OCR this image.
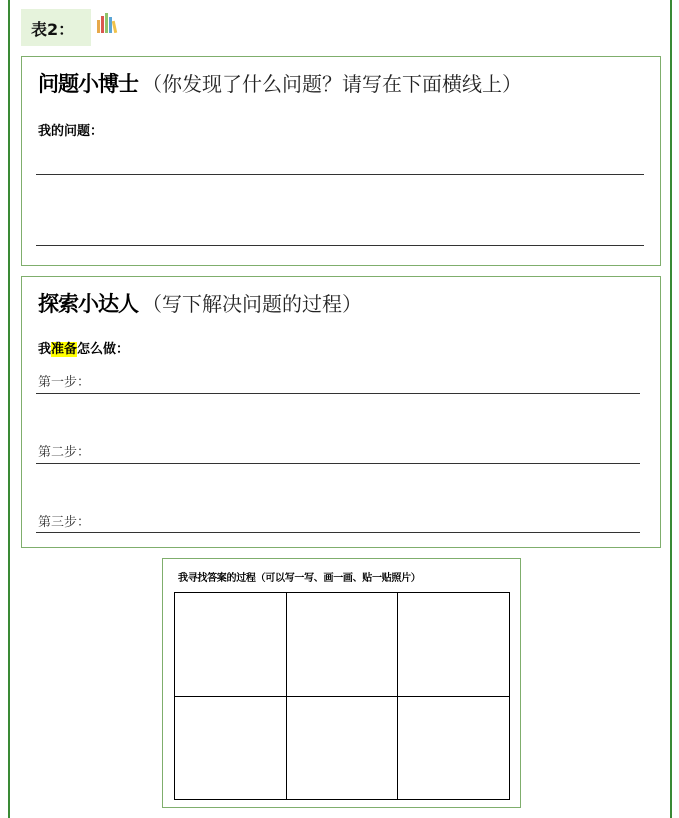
表2：
问题小博士 （你发现了什么问题？请写在下面横线上）
我的问题：
探索小达人 （写下解决问题的过程）
我准备怎么做：
第一步：
第二步：
第三步：
我寻找答案的过程（可以写一写、画一画、贴一贴照片）
